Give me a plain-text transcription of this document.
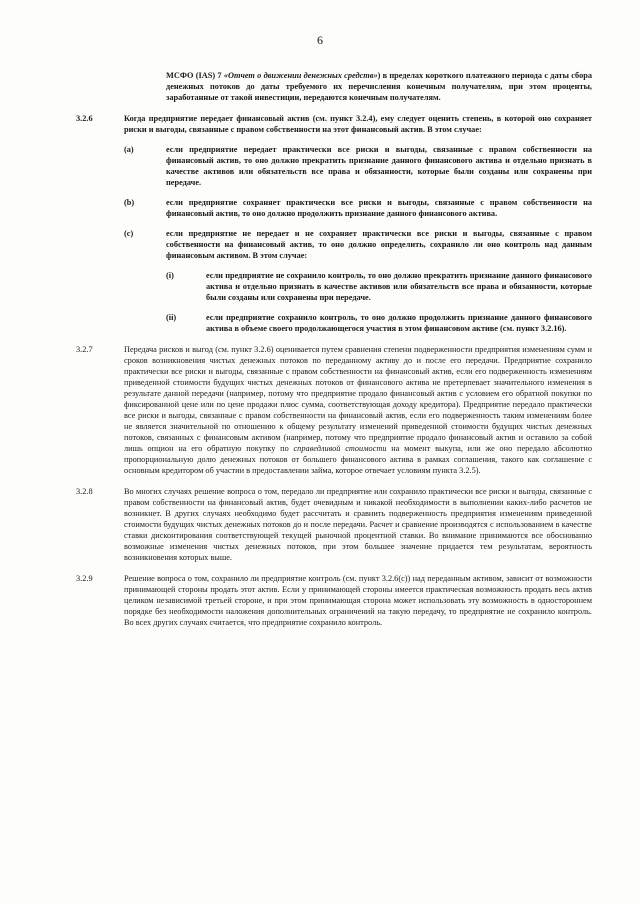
6
МСФО (IAS) 7 «Отчет о движении денежных средств») в пределах короткого платежного периода с даты сбора денежных потоков до даты требуемого их перечисления конечным получателям, при этом проценты, заработанные от такой инвестиции, передаются конечным получателям.
3.2.6	Когда предприятие передает финансовый актив (см. пункт 3.2.4), ему следует оценить степень, в которой оно сохраняет риски и выгоды, связанные с правом собственности на этот финансовый актив. В этом случае:
(a)	если предприятие передает практически все риски и выгоды, связанные с правом собственности на финансовый актив, то оно должно прекратить признание данного финансового актива и отдельно признать в качестве активов или обязательств все права и обязанности, которые были созданы или сохранены при передаче.
(b)	если предприятие сохраняет практически все риски и выгоды, связанные с правом собственности на финансовый актив, то оно должно продолжить признание данного финансового актива.
(c)	если предприятие не передает и не сохраняет практически все риски и выгоды, связанные с правом собственности на финансовый актив, то оно должно определить, сохранило ли оно контроль над данным финансовым активом. В этом случае:
(i)	если предприятие не сохранило контроль, то оно должно прекратить признание данного финансового актива и отдельно признать в качестве активов или обязательств все права и обязанности, которые были созданы или сохранены при передаче.
(ii)	если предприятие сохранило контроль, то оно должно продолжить признание данного финансового актива в объеме своего продолжающегося участия в этом финансовом активе (см. пункт 3.2.16).
3.2.7	Передача рисков и выгод (см. пункт 3.2.6) оценивается путем сравнения степени подверженности предприятия изменениям сумм и сроков возникновения чистых денежных потоков по переданному активу до и после его передачи. Предприятие сохранило практически все риски и выгоды, связанные с правом собственности на финансовый актив, если его подверженность изменениям приведенной стоимости будущих чистых денежных потоков от финансового актива не претерпевает значительного изменения в результате данной передачи (например, потому что предприятие продало финансовый актив с условием его обратной покупки по фиксированной цене или по цене продажи плюс сумма, соответствующая доходу кредитора). Предприятие передало практически все риски и выгоды, связанные с правом собственности на финансовый актив, если его подверженность таким изменениям более не является значительной по отношению к общему результату изменений приведенной стоимости будущих чистых денежных потоков, связанных с финансовым активом (например, потому что предприятие продало финансовый актив и оставило за собой лишь опцион на его обратную покупку по справедливой стоимости на момент выкупа, или же оно передало абсолютно пропорциональную долю денежных потоков от большего финансового актива в рамках соглашения, такого как соглашение с основным кредитором об участии в предоставлении займа, которое отвечает условиям пункта 3.2.5).
3.2.8	Во многих случаях решение вопроса о том, передало ли предприятие или сохранило практически все риски и выгоды, связанные с правом собственности на финансовый актив, будет очевидным и никакой необходимости в выполнении каких-либо расчетов не возникнет. В других случаях необходимо будет рассчитать и сравнить подверженность предприятия изменениям приведенной стоимости будущих чистых денежных потоков до и после передачи. Расчет и сравнение производятся с использованием в качестве ставки дисконтирования соответствующей текущей рыночной процентной ставки. Во внимание принимаются все обоснованно возможные изменения чистых денежных потоков, при этом большее значение придается тем результатам, вероятность возникновения которых выше.
3.2.9	Решение вопроса о том, сохранило ли предприятие контроль (см. пункт 3.2.6(c)) над переданным активом, зависит от возможности принимающей стороны продать этот актив. Если у принимающей стороны имеется практическая возможность продать весь актив целиком независимой третьей стороне, и при этом принимающая сторона может использовать эту возможность в одностороннем порядке без необходимости наложения дополнительных ограничений на такую передачу, то предприятие не сохранило контроль. Во всех других случаях считается, что предприятие сохранило контроль.
